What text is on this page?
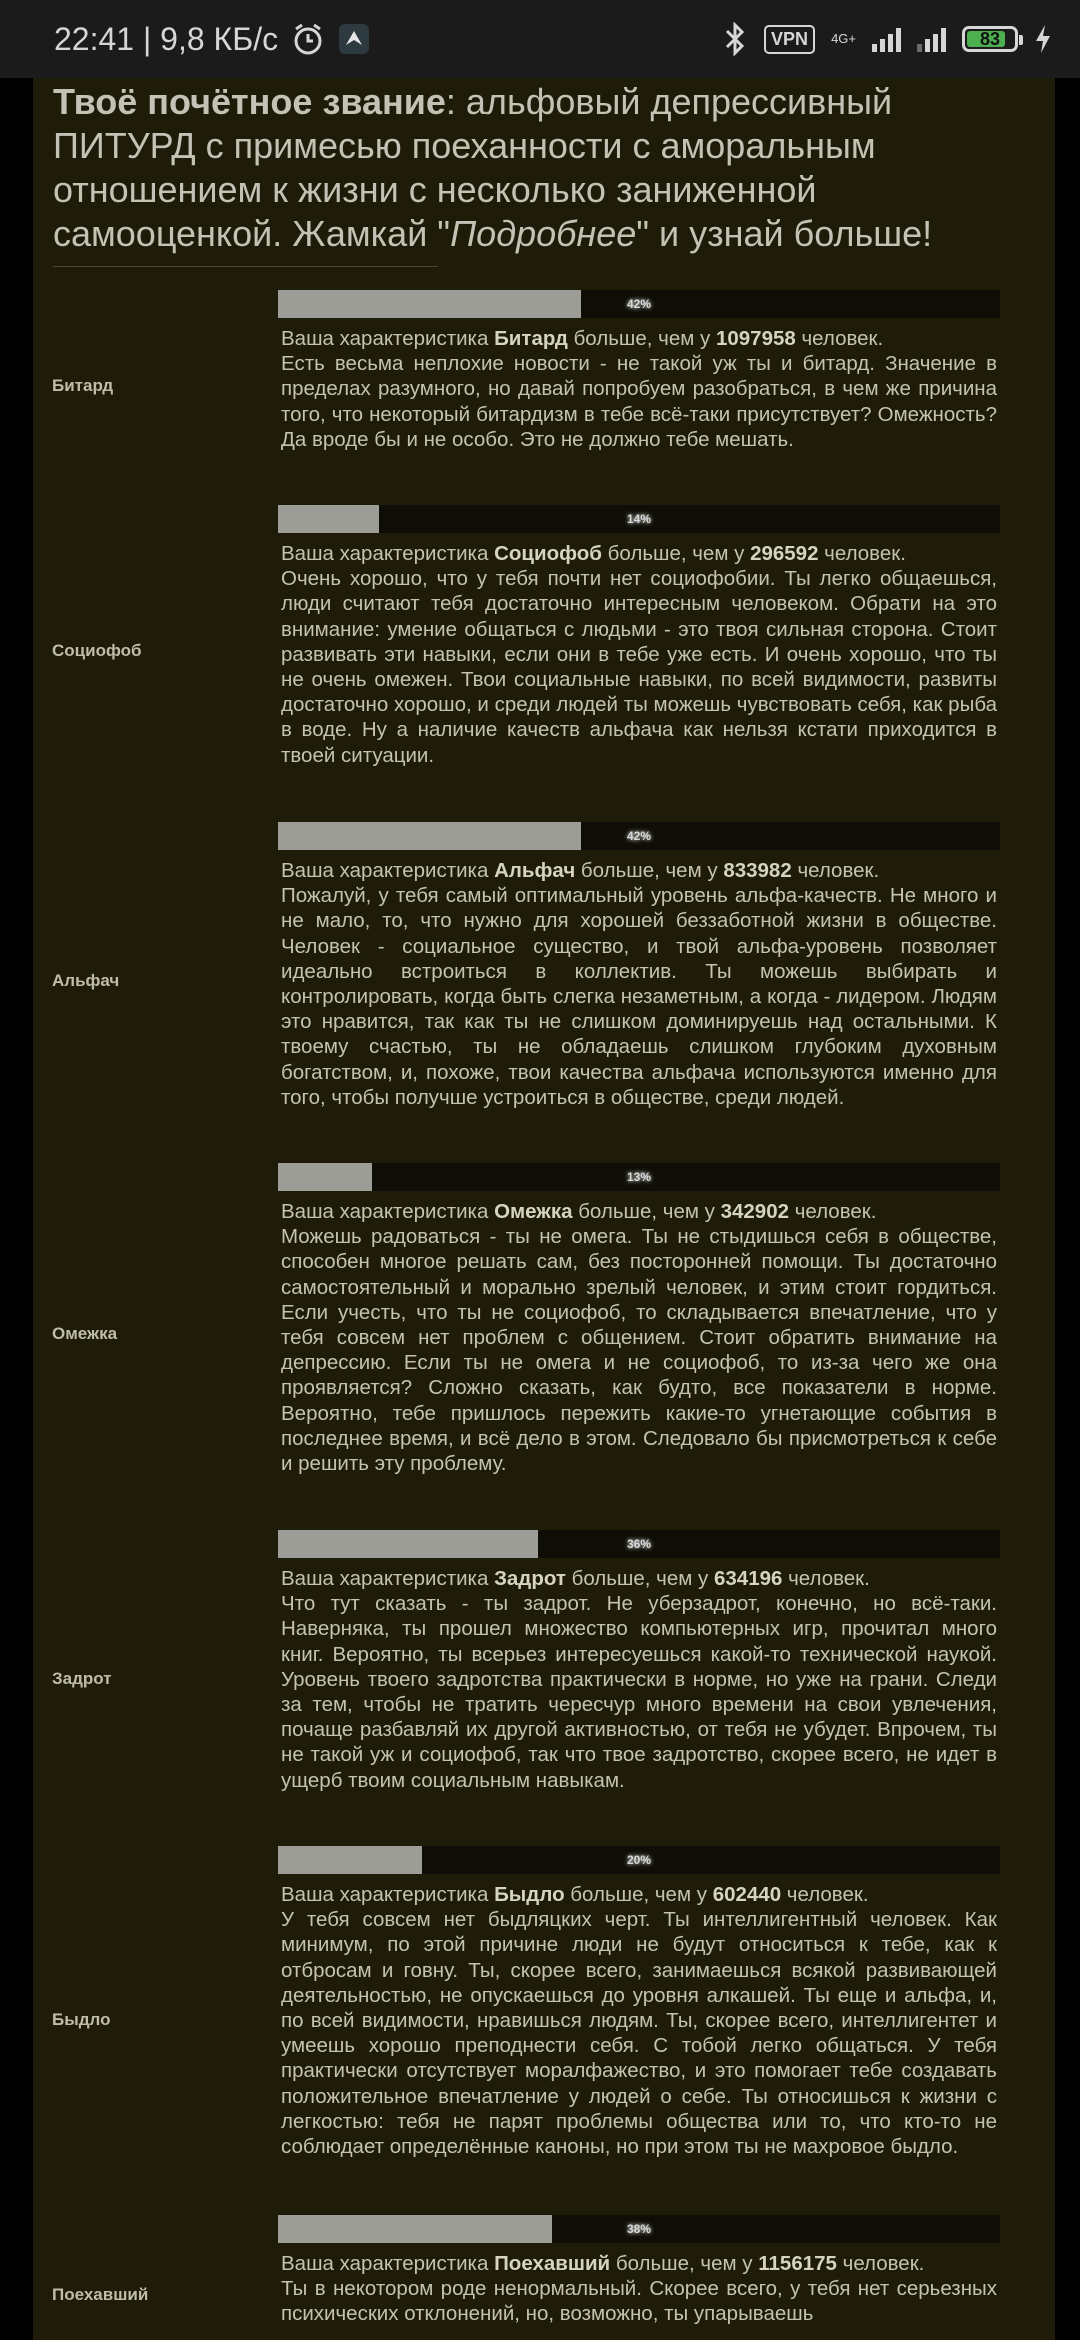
22:41 | 9,8 КБ/с	VPN	4G+	83
Твоё почётное звание: альфовый депрессивный ПИТУРД с примесью поеханности с аморальным отношением к жизни с несколько заниженной самооценкой. Жамкай "Подробнее" и узнай больше!
Битард
42%
Ваша характеристика Битард больше, чем у 1097958 человек.
Есть весьма неплохие новости - не такой уж ты и битард. Значение в пределах разумного, но давай попробуем разобраться, в чем же причина того, что некоторый битардизм в тебе всё-таки присутствует? Омежность? Да вроде бы и не особо. Это не должно тебе мешать.
Социофоб
14%
Ваша характеристика Социофоб больше, чем у 296592 человек.
Очень хорошо, что у тебя почти нет социофобии. Ты легко общаешься, люди считают тебя достаточно интересным человеком. Обрати на это внимание: умение общаться с людьми - это твоя сильная сторона. Стоит развивать эти навыки, если они в тебе уже есть. И очень хорошо, что ты не очень омежен. Твои социальные навыки, по всей видимости, развиты достаточно хорошо, и среди людей ты можешь чувствовать себя, как рыба в воде. Ну а наличие качеств альфача как нельзя кстати приходится в твоей ситуации.
Альфач
42%
Ваша характеристика Альфач больше, чем у 833982 человек.
Пожалуй, у тебя самый оптимальный уровень альфа-качеств. Не много и не мало, то, что нужно для хорошей беззаботной жизни в обществе. Человек - социальное существо, и твой альфа-уровень позволяет идеально встроиться в коллектив. Ты можешь выбирать и контролировать, когда быть слегка незаметным, а когда - лидером. Людям это нравится, так как ты не слишком доминируешь над остальными. К твоему счастью, ты не обладаешь слишком глубоким духовным богатством, и, похоже, твои качества альфача используются именно для того, чтобы получше устроиться в обществе, среди людей.
Омежка
13%
Ваша характеристика Омежка больше, чем у 342902 человек.
Можешь радоваться - ты не омега. Ты не стыдишься себя в обществе, способен многое решать сам, без посторонней помощи. Ты достаточно самостоятельный и морально зрелый человек, и этим стоит гордиться. Если учесть, что ты не социофоб, то складывается впечатление, что у тебя совсем нет проблем с общением. Стоит обратить внимание на депрессию. Если ты не омега и не социофоб, то из-за чего же она проявляется? Сложно сказать, как будто, все показатели в норме. Вероятно, тебе пришлось пережить какие-то угнетающие события в последнее время, и всё дело в этом. Следовало бы присмотреться к себе и решить эту проблему.
Задрот
36%
Ваша характеристика Задрот больше, чем у 634196 человек.
Что тут сказать - ты задрот. Не уберзадрот, конечно, но всё-таки. Наверняка, ты прошел множество компьютерных игр, прочитал много книг. Вероятно, ты всерьез интересуешься какой-то технической наукой. Уровень твоего задротства практически в норме, но уже на грани. Следи за тем, чтобы не тратить чересчур много времени на свои увлечения, почаще разбавляй их другой активностью, от тебя не убудет. Впрочем, ты не такой уж и социофоб, так что твое задротство, скорее всего, не идет в ущерб твоим социальным навыкам.
Быдло
20%
Ваша характеристика Быдло больше, чем у 602440 человек.
У тебя совсем нет быдляцких черт. Ты интеллигентный человек. Как минимум, по этой причине люди не будут относиться к тебе, как к отбросам и говну. Ты, скорее всего, занимаешься всякой развивающей деятельностью, не опускаешься до уровня алкашей. Ты еще и альфа, и, по всей видимости, нравишься людям. Ты, скорее всего, интеллигентет и умеешь хорошо преподнести себя. С тобой легко общаться. У тебя практически отсутствует моралфажество, и это помогает тебе создавать положительное впечатление у людей о себе. Ты относишься к жизни с легкостью: тебя не парят проблемы общества или то, что кто-то не соблюдает определённые каноны, но при этом ты не махровое быдло.
Поехавший
38%
Ваша характеристика Поехавший больше, чем у 1156175 человек.
Ты в некотором роде ненормальный. Скорее всего, у тебя нет серьезных психических отклонений, но, возможно, ты упарываешь
